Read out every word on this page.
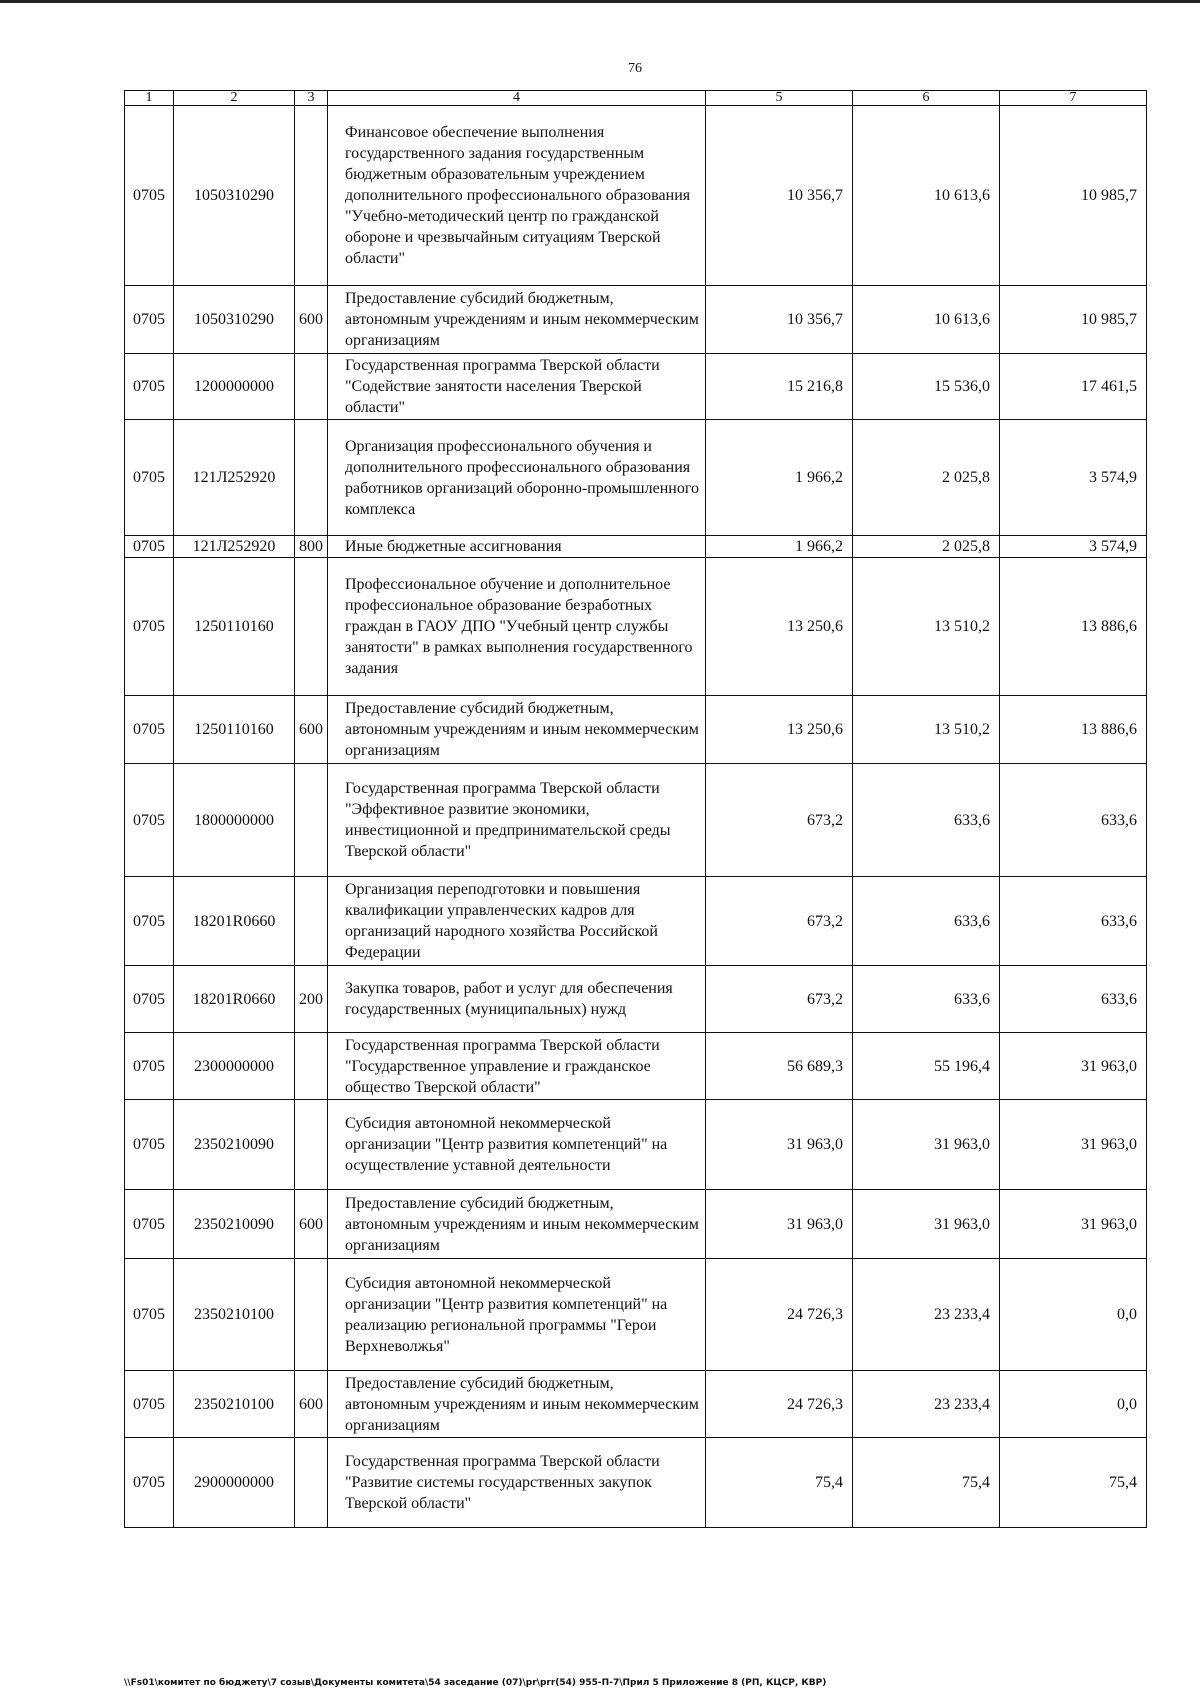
76
1	2	3	4	5	6	7
0705	1050310290		Финансовое обеспечение выполнения государственного задания государственным бюджетным образовательным учреждением дополнительного профессионального образования "Учебно-методический центр по гражданской обороне и чрезвычайным ситуациям Тверской области"	10 356,7	10 613,6	10 985,7
0705	1050310290	600	Предоставление субсидий бюджетным, автономным учреждениям и иным некоммерческим организациям	10 356,7	10 613,6	10 985,7
0705	1200000000		Государственная программа Тверской области "Содействие занятости населения Тверской области"	15 216,8	15 536,0	17 461,5
0705	121Л252920		Организация профессионального обучения и дополнительного профессионального образования работников организаций оборонно-промышленного комплекса	1 966,2	2 025,8	3 574,9
0705	121Л252920	800	Иные бюджетные ассигнования	1 966,2	2 025,8	3 574,9
0705	1250110160		Профессиональное обучение и дополнительное профессиональное образование безработных граждан в ГАОУ ДПО "Учебный центр службы занятости" в рамках выполнения государственного задания	13 250,6	13 510,2	13 886,6
0705	1250110160	600	Предоставление субсидий бюджетным, автономным учреждениям и иным некоммерческим организациям	13 250,6	13 510,2	13 886,6
0705	1800000000		Государственная программа Тверской области "Эффективное развитие экономики, инвестиционной и предпринимательской среды Тверской области"	673,2	633,6	633,6
0705	18201R0660		Организация переподготовки и повышения квалификации управленческих кадров для организаций народного хозяйства Российской Федерации	673,2	633,6	633,6
0705	18201R0660	200	Закупка товаров, работ и услуг для обеспечения государственных (муниципальных) нужд	673,2	633,6	633,6
0705	2300000000		Государственная программа Тверской области "Государственное управление и гражданское общество Тверской области"	56 689,3	55 196,4	31 963,0
0705	2350210090		Субсидия автономной некоммерческой организации "Центр развития компетенций" на осуществление уставной деятельности	31 963,0	31 963,0	31 963,0
0705	2350210090	600	Предоставление субсидий бюджетным, автономным учреждениям и иным некоммерческим организациям	31 963,0	31 963,0	31 963,0
0705	2350210100		Субсидия автономной некоммерческой организации "Центр развития компетенций" на реализацию региональной программы "Герои Верхневолжья"	24 726,3	23 233,4	0,0
0705	2350210100	600	Предоставление субсидий бюджетным, автономным учреждениям и иным некоммерческим организациям	24 726,3	23 233,4	0,0
0705	2900000000		Государственная программа Тверской области "Развитие системы государственных закупок Тверской области"	75,4	75,4	75,4
\\Fs01\комитет по бюджету\7 созыв\Документы комитета\54 заседание (07)\pr\prr(54) 955-П-7\Прил 5 Приложение 8 (РП, КЦСР, КВР)
